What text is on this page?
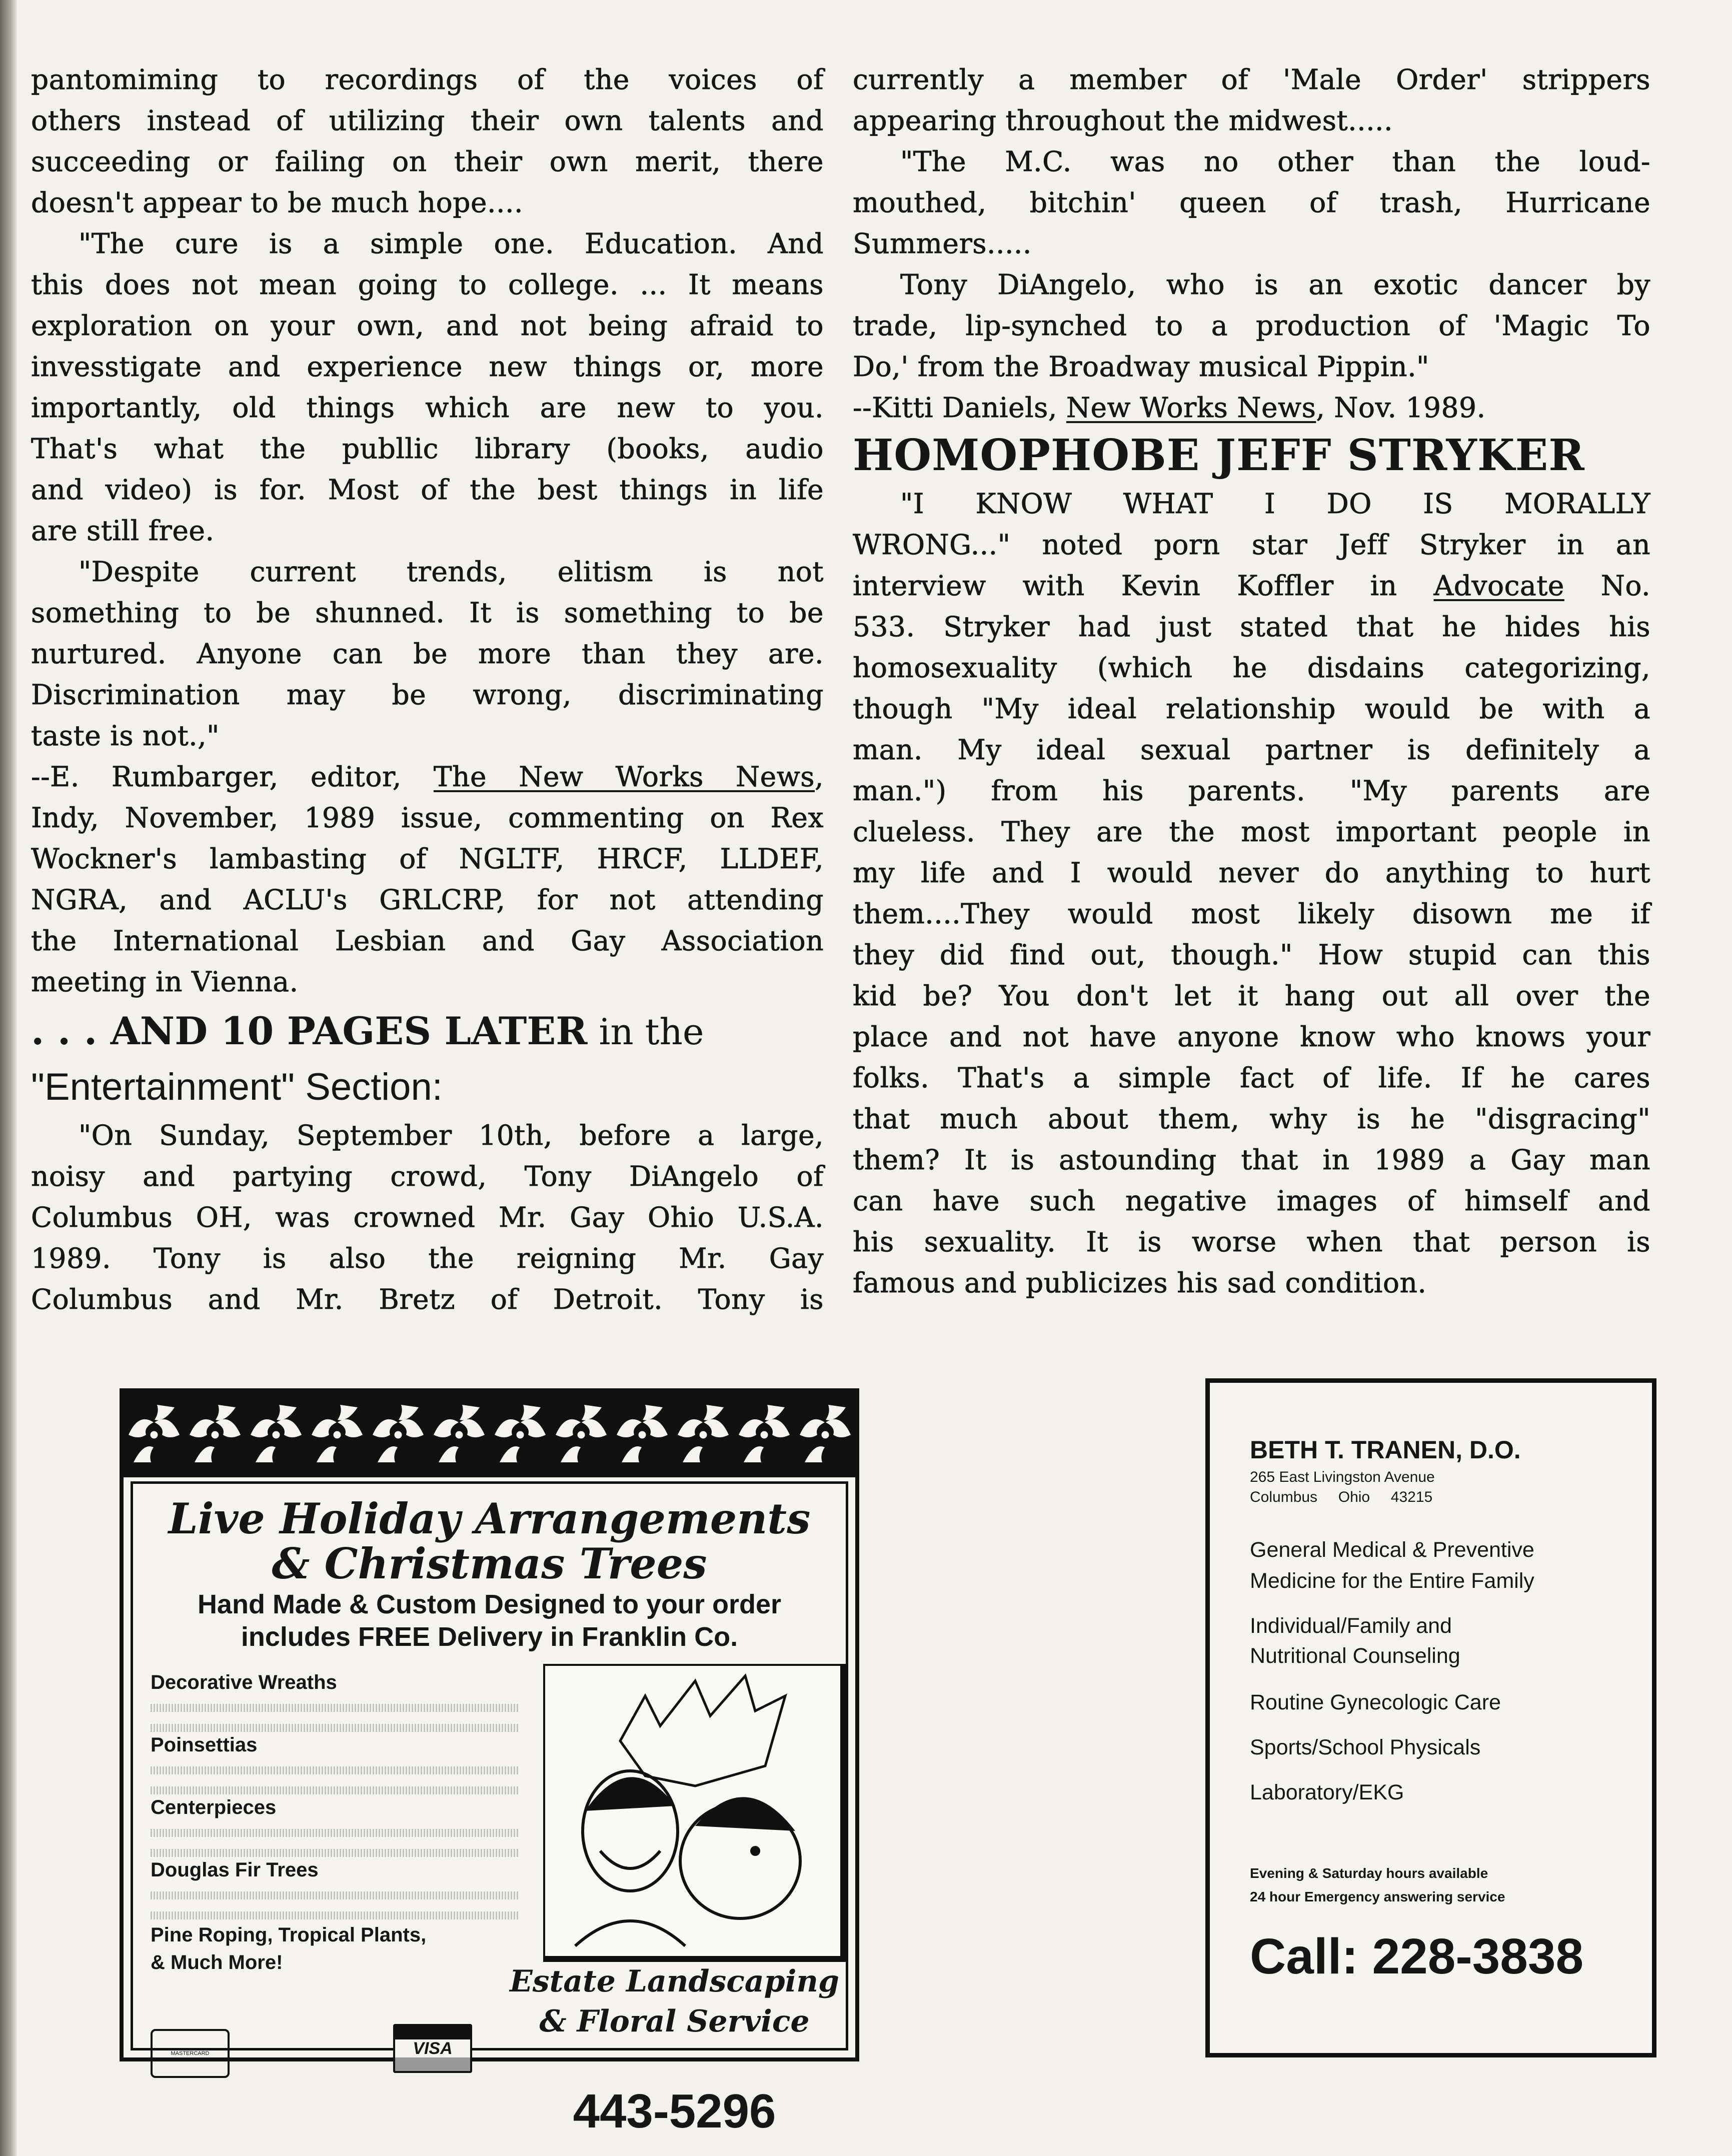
pantomiming to recordings of the voices of
others instead of utilizing their own talents and
succeeding or failing on their own merit, there
doesn't appear to be much hope....
"The cure is a simple one. Education. And
this does not mean going to college. ... It means
exploration on your own, and not being afraid to
invesstigate and experience new things or, more
importantly, old things which are new to you.
That's what the publlic library (books, audio
and video) is for. Most of the best things in life
are still free.
"Despite current trends, elitism is not
something to be shunned. It is something to be
nurtured. Anyone can be more than they are.
Discrimination may be wrong, discriminating
taste is not.,"
--E. Rumbarger, editor, The New Works News,
Indy, November, 1989 issue, commenting on Rex
Wockner's lambasting of NGLTF, HRCF, LLDEF,
NGRA, and ACLU's GRLCRP, for not attending
the International Lesbian and Gay Association
meeting in Vienna.
. . . AND 10 PAGES LATER in the
"Entertainment" Section:
"On Sunday, September 10th, before a large,
noisy and partying crowd, Tony DiAngelo of
Columbus OH, was crowned Mr. Gay Ohio U.S.A.
1989. Tony is also the reigning Mr. Gay
Columbus and Mr. Bretz of Detroit. Tony is
currently a member of 'Male Order' strippers
appearing throughout the midwest.....
"The M.C. was no other than the loud-
mouthed, bitchin' queen of trash, Hurricane
Summers.....
Tony DiAngelo, who is an exotic dancer by
trade, lip-synched to a production of 'Magic To
Do,' from the Broadway musical Pippin."
--Kitti Daniels, New Works News, Nov. 1989.
HOMOPHOBE JEFF STRYKER
"I KNOW WHAT I DO IS MORALLY
WRONG..." noted porn star Jeff Stryker in an
interview with Kevin Koffler in Advocate No.
533. Stryker had just stated that he hides his
homosexuality (which he disdains categorizing,
though "My ideal relationship would be with a
man. My ideal sexual partner is definitely a
man.") from his parents. "My parents are
clueless. They are the most important people in
my life and I would never do anything to hurt
them....They would most likely disown me if
they did find out, though." How stupid can this
kid be? You don't let it hang out all over the
place and not have anyone know who knows your
folks. That's a simple fact of life. If he cares
that much about them, why is he "disgracing"
them? It is astounding that in 1989 a Gay man
can have such negative images of himself and
his sexuality. It is worse when that person is
famous and publicizes his sad condition.
Live Holiday Arrangements
& Christmas Trees
Hand Made & Custom Designed to your order
includes FREE Delivery in Franklin Co.
Decorative Wreaths
Poinsettias
Centerpieces
Douglas Fir Trees
Pine Roping, Tropical Plants,
& Much More!
Estate Landscaping
& Floral Service
443-5296
MASTERCARD	VISA
BETH T. TRANEN, D.O.
265 East Livingston Avenue
Columbus     Ohio     43215
General Medical & Preventive
Medicine for the Entire Family
Individual/Family and
Nutritional Counseling
Routine Gynecologic Care
Sports/School Physicals
Laboratory/EKG
Evening & Saturday hours available
24 hour Emergency answering service
Call: 228-3838
